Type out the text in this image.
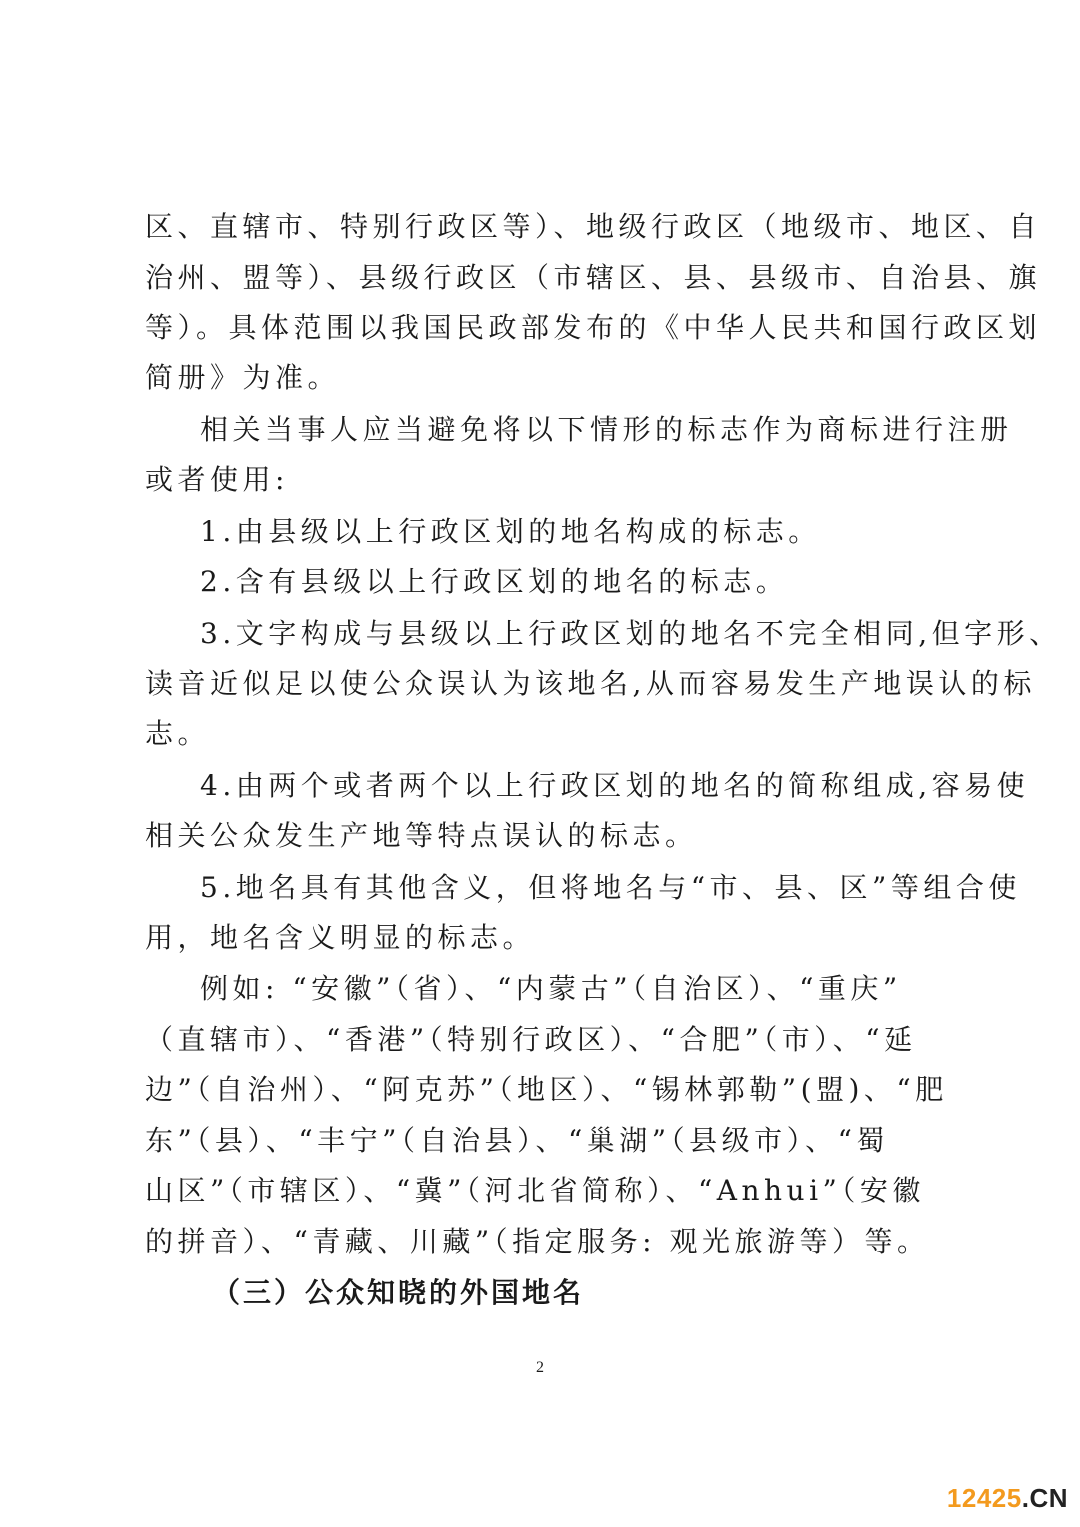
区、直辖市、特别行政区等）、地级行政区（地级市、地区、自
治州、盟等）、县级行政区（市辖区、县、县级市、自治县、旗
等）。具体范围以我国民政部发布的《中华人民共和国行政区划
简册》为准。
相关当事人应当避免将以下情形的标志作为商标进行注册
或者使用:
1.由县级以上行政区划的地名构成的标志。
2.含有县级以上行政区划的地名的标志。
3.文字构成与县级以上行政区划的地名不完全相同,但字形、
读音近似足以使公众误认为该地名,从而容易发生产地误认的标
志。
4.由两个或者两个以上行政区划的地名的简称组成,容易使
相关公众发生产地等特点误认的标志。
5.地名具有其他含义，但将地名与“市、县、区”等组合使
用，地名含义明显的标志。
例如: “安徽”（省）、“内蒙古”（自治区）、“重庆”
（直辖市）、“香港”（特别行政区）、“合肥”（市）、“延
边”（自治州）、“阿克苏”（地区）、“锡林郭勒”(盟)、“肥
东”（县）、“丰宁”（自治县）、“巢湖”（县级市）、“蜀
山区”（市辖区）、“冀”（河北省简称）、“Anhui”（安徽
的拼音）、“青藏、川藏”（指定服务: 观光旅游等）等。
（三）公众知晓的外国地名
2
12425.CN
